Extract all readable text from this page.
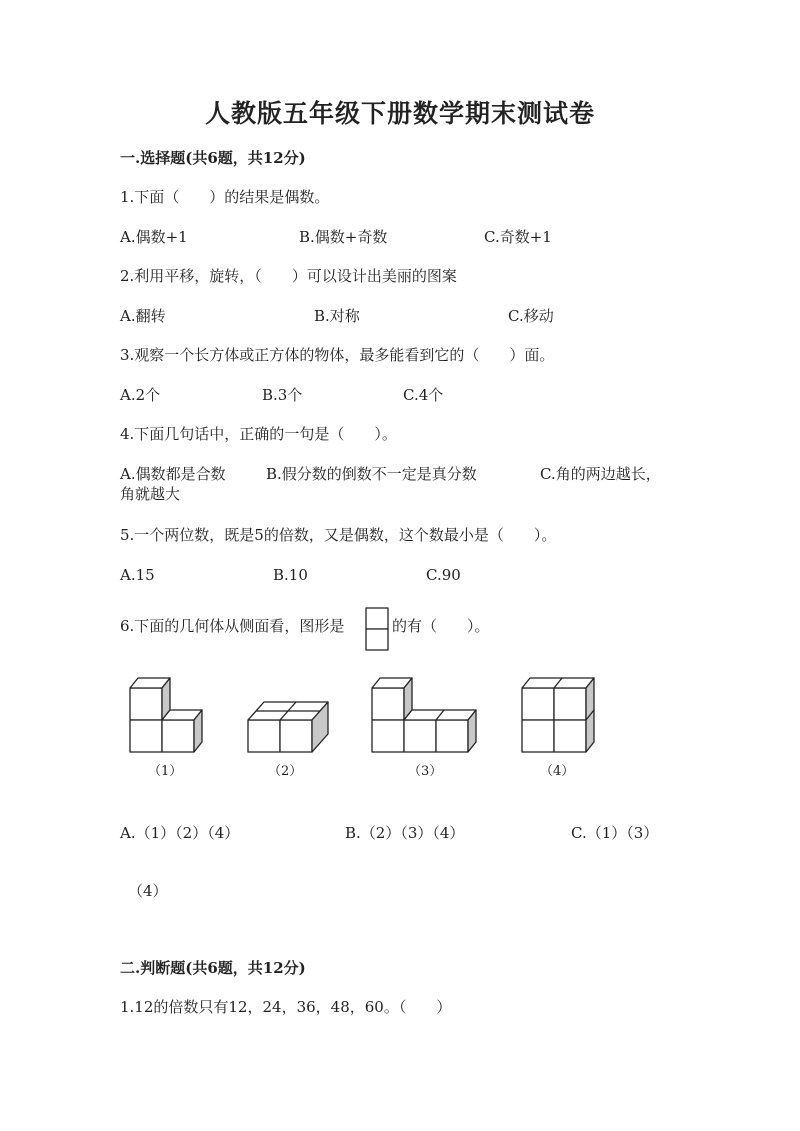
人教版五年级下册数学期末测试卷
一.选择题(共6题，共12分)
1.下面（　　）的结果是偶数。
A.偶数+1	B.偶数+奇数	C.奇数+1
2.利用平移，旋转，（　　）可以设计出美丽的图案
A.翻转	B.对称	C.移动
3.观察一个长方体或正方体的物体，最多能看到它的（　　）面。
A.2个	B.3个	C.4个
4.下面几句话中，正确的一句是（　　）。
A.偶数都是合数	B.假分数的倒数不一定是真分数	C.角的两边越长，
角就越大
5.一个两位数，既是5的倍数，又是偶数，这个数最小是（　　）。
A.15	B.10	C.90
6.下面的几何体从侧面看，图形是	的有（　　）。
（1）	（2）	（3）	（4）
A.（1）（2）（4）	B.（2）（3）（4）	C.（1）（3）
（4）
二.判断题(共6题，共12分)
1.12的倍数只有12，24，36，48，60。（　　）
